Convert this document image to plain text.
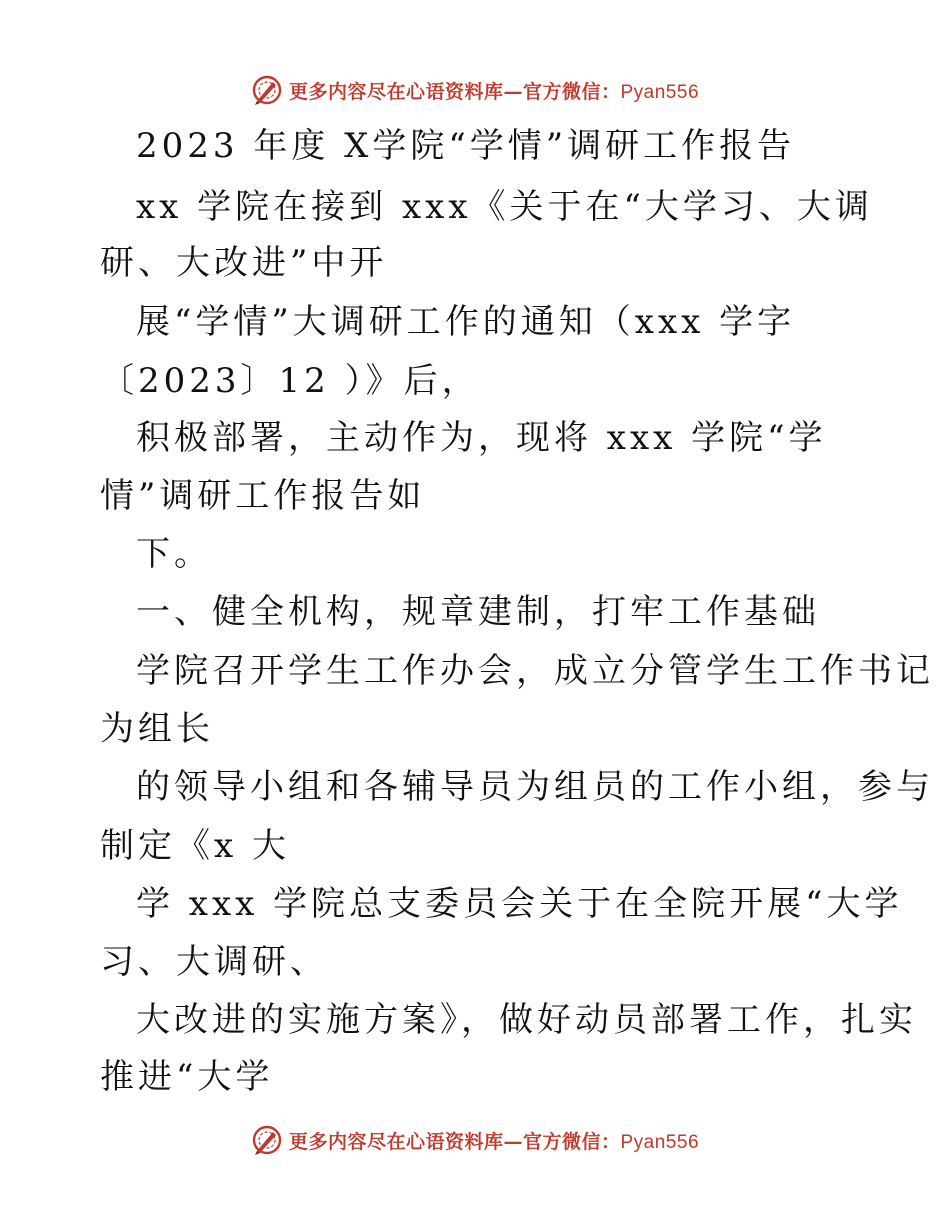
更多内容尽在心语资料库—官方微信：Pyan556
2023 年度 X学院“学情”调研工作报告
xx 学院在接到 xxx《关于在“大学习、大调
研、大改进”中开
展“学情”大调研工作的通知（xxx 学字
〔2023〕12 ）》后，
积极部署，主动作为，现将 xxx 学院“学
情”调研工作报告如
下。
一、健全机构，规章建制，打牢工作基础
学院召开学生工作办会，成立分管学生工作书记
为组长
的领导小组和各辅导员为组员的工作小组，参与
制定《x 大
学 xxx 学院总支委员会关于在全院开展“大学
习、大调研、
大改进的实施方案》，做好动员部署工作，扎实
推进“大学
更多内容尽在心语资料库—官方微信：Pyan556
